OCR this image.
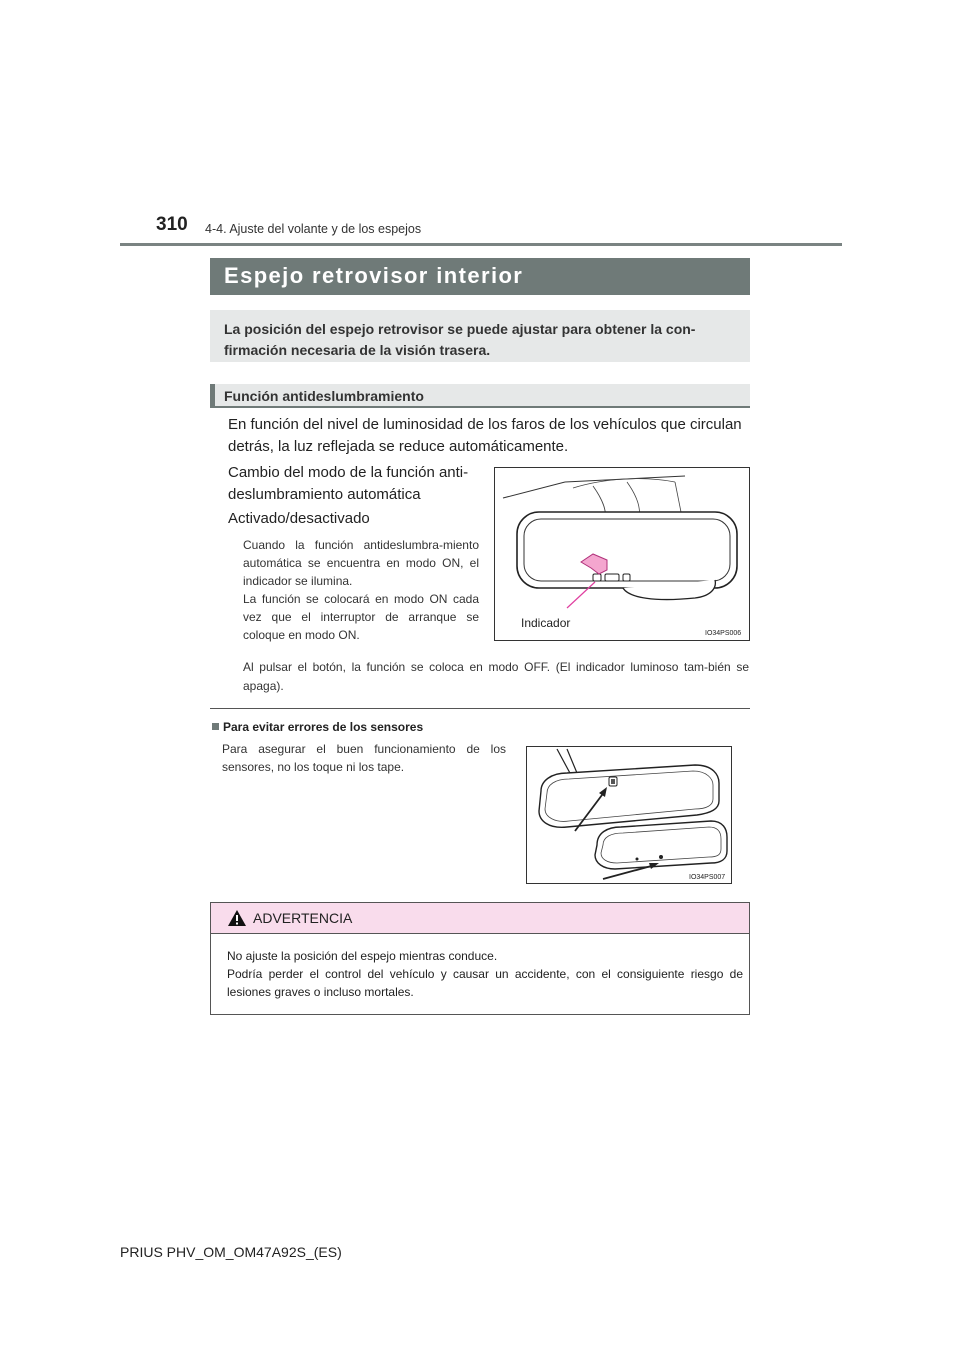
310 4-4. Ajuste del volante y de los espejos
Espejo retrovisor interior

La posición del espejo retrovisor se puede ajustar para obtener la con-firmación necesaria de la visión trasera.

Función antideslumbramiento
En función del nivel de luminosidad de los faros de los vehículos que circulan detrás, la luz reflejada se reduce automáticamente.
Cambio del modo de la función anti-deslumbramiento automática
Activado/desactivado

Cuando la función antideslumbra-miento automática se encuentra en modo ON, el indicador se ilumina.

La función se colocará en modo ON cada vez que el interruptor de arranque se coloque en modo ON.

Al pulsar el botón, la función se coloca en modo OFF. (El indicador luminoso tam-bién se apaga).
Indicador
IO34PS006
Para evitar errores de los sensores
Para asegurar el buen funcionamiento de los sensores, no los toque ni los tape.
IO34PS007
ADVERTENCIA
No ajuste la posición del espejo mientras conduce.
Podría perder el control del vehículo y causar un accidente, con el consiguiente riesgo de lesiones graves o incluso mortales.
PRIUS PHV_OM_OM47A92S_(ES)
